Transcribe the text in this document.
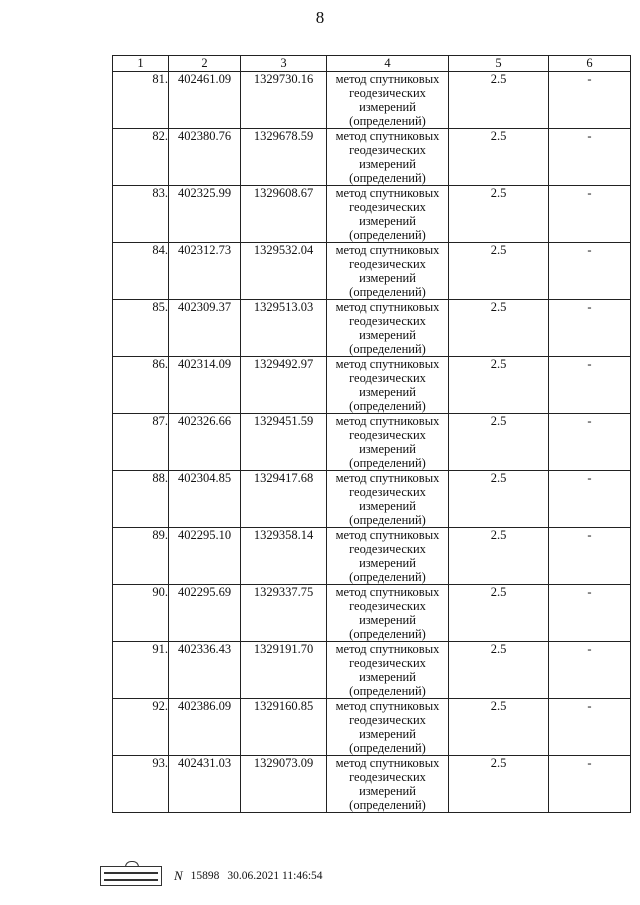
8
1	2	3	4	5	6
81.	402461.09	1329730.16	метод спутниковых геодезических измерений (определений)	2.5	-
82.	402380.76	1329678.59	метод спутниковых геодезических измерений (определений)	2.5	-
83.	402325.99	1329608.67	метод спутниковых геодезических измерений (определений)	2.5	-
84.	402312.73	1329532.04	метод спутниковых геодезических измерений (определений)	2.5	-
85.	402309.37	1329513.03	метод спутниковых геодезических измерений (определений)	2.5	-
86.	402314.09	1329492.97	метод спутниковых геодезических измерений (определений)	2.5	-
87.	402326.66	1329451.59	метод спутниковых геодезических измерений (определений)	2.5	-
88.	402304.85	1329417.68	метод спутниковых геодезических измерений (определений)	2.5	-
89.	402295.10	1329358.14	метод спутниковых геодезических измерений (определений)	2.5	-
90.	402295.69	1329337.75	метод спутниковых геодезических измерений (определений)	2.5	-
91.	402336.43	1329191.70	метод спутниковых геодезических измерений (определений)	2.5	-
92.	402386.09	1329160.85	метод спутниковых геодезических измерений (определений)	2.5	-
93.	402431.03	1329073.09	метод спутниковых геодезических измерений (определений)	2.5	-
N 15898 30.06.2021 11:46:54
